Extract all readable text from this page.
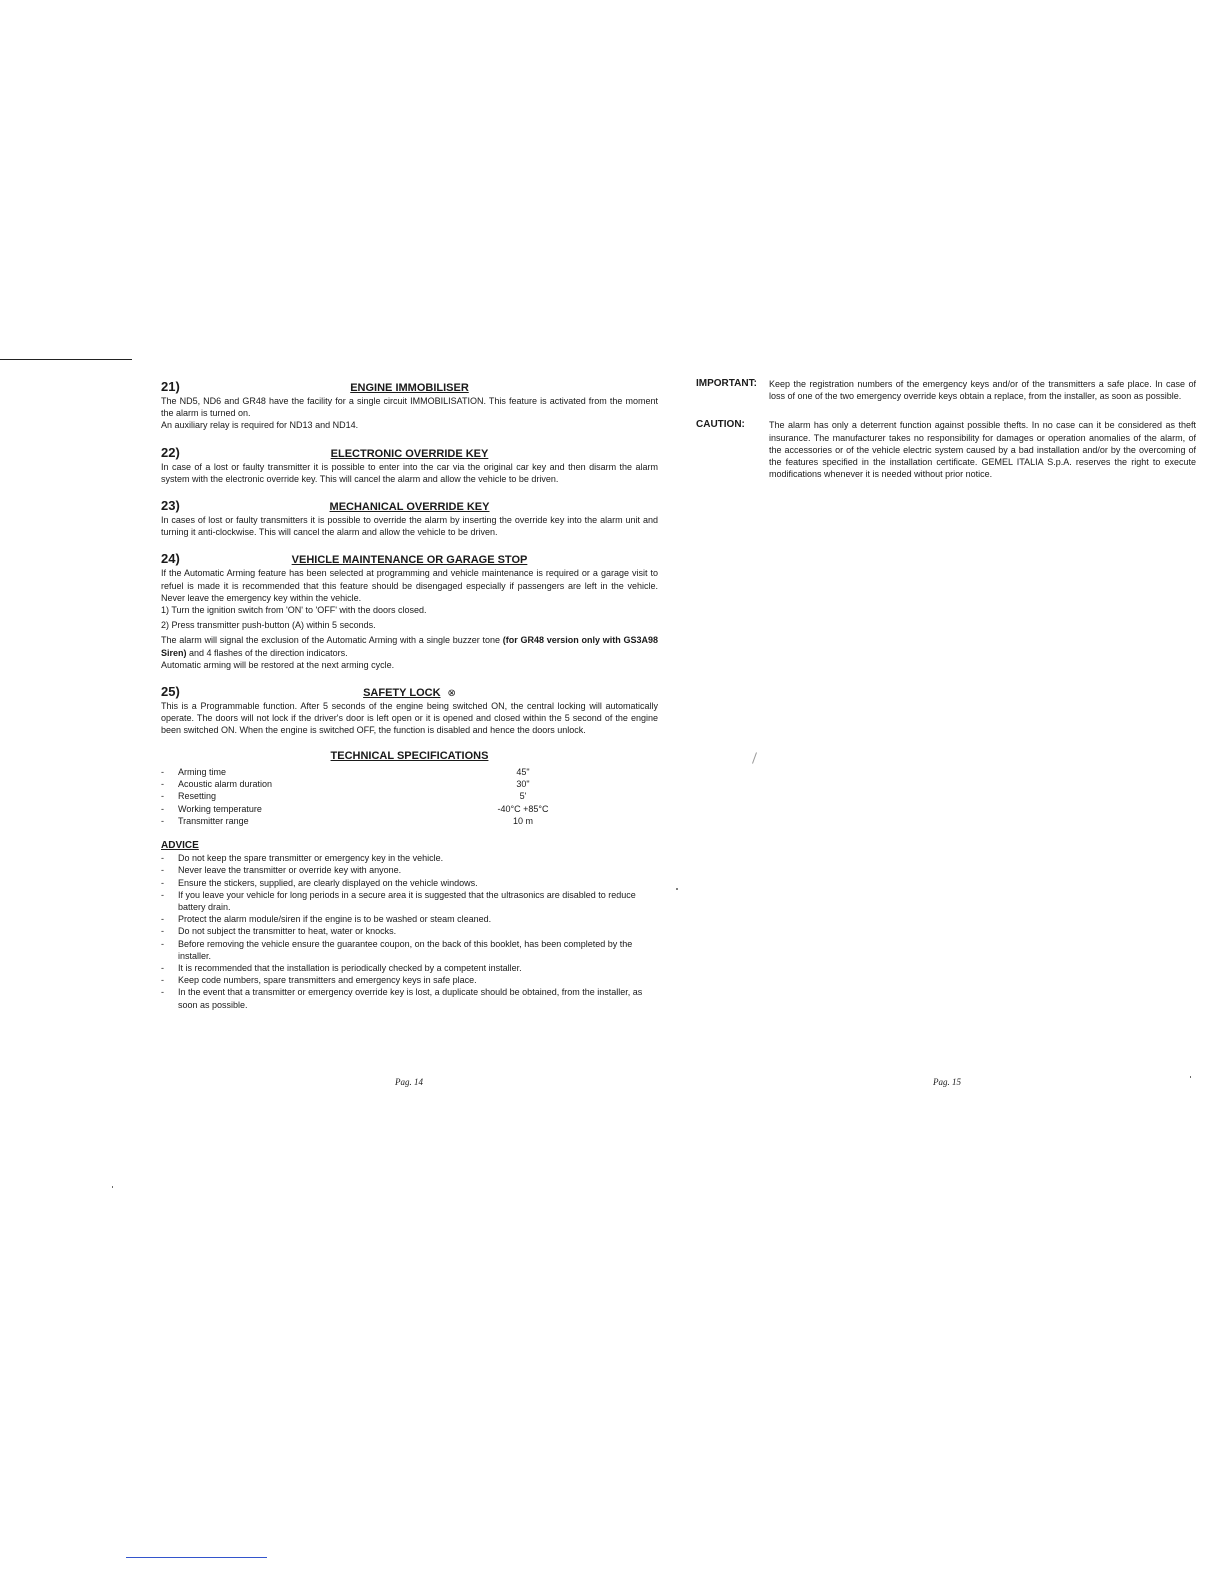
21)	ENGINE IMMOBILISER

The ND5, ND6 and GR48 have the facility for a single circuit IMMOBILISATION. This feature is activated from the moment the alarm is turned on.

An auxiliary relay is required for ND13 and ND14.

22)	ELECTRONIC OVERRIDE KEY

In case of a lost or faulty transmitter it is possible to enter into the car via the original car key and then disarm the alarm system with the electronic override key. This will cancel the alarm and allow the vehicle to be driven.

23)	MECHANICAL OVERRIDE KEY

In cases of lost or faulty transmitters it is possible to override the alarm by inserting the override key into the alarm unit and turning it anti-clockwise. This will cancel the alarm and allow the vehicle to be driven.

24)	VEHICLE MAINTENANCE OR GARAGE STOP

If the Automatic Arming feature has been selected at programming and vehicle maintenance is required or a garage visit to refuel is made it is recommended that this feature should be disengaged especially if passengers are left in the vehicle. Never leave the emergency key within the vehicle.

1) Turn the ignition switch from 'ON' to 'OFF' with the doors closed.

2) Press transmitter push-button (A) within 5 seconds.

The alarm will signal the exclusion of the Automatic Arming with a single buzzer tone (for GR48 version only with GS3A98 Siren) and 4 flashes of the direction indicators.

Automatic arming will be restored at the next arming cycle.

25)	SAFETY LOCK ⊗

This is a Programmable function. After 5 seconds of the engine being switched ON, the central locking will automatically operate. The doors will not lock if the driver's door is left open or it is opened and closed within the 5 second of the engine been switched ON. When the engine is switched OFF, the function is disabled and hence the doors unlock.

TECHNICAL SPECIFICATIONS
- Arming time	45"
- Acoustic alarm duration	30"
- Resetting	5'
- Working temperature	-40°C +85°C
- Transmitter range	10 m
ADVICE
- Do not keep the spare transmitter or emergency key in the vehicle.
- Never leave the transmitter or override key with anyone.
- Ensure the stickers, supplied, are clearly displayed on the vehicle windows.
- If you leave your vehicle for long periods in a secure area it is suggested that the ultrasonics are disabled to reduce battery drain.
- Protect the alarm module/siren if the engine is to be washed or steam cleaned.
- Do not subject the transmitter to heat, water or knocks.
- Before removing the vehicle ensure the guarantee coupon, on the back of this booklet, has been completed by the installer.
- It is recommended that the installation is periodically checked by a competent installer.
- Keep code numbers, spare transmitters and emergency keys in safe place.
- In the event that a transmitter or emergency override key is lost, a duplicate should be obtained, from the installer, as soon as possible.
Pag. 14
IMPORTANT: Keep the registration numbers of the emergency keys and/or of the transmitters a safe place. In case of loss of one of the two emergency override keys obtain a replace, from the installer, as soon as possible.

CAUTION:	The alarm has only a deterrent function against possible thefts. In no case can it be considered as theft insurance. The manufacturer takes no responsibility for damages or operation anomalies of the alarm, of the accessories or of the vehicle electric system caused by a bad installation and/or by the overcoming of the features specified in the installation certificate. GEMEL ITALIA S.p.A. reserves the right to execute modifications whenever it is needed without prior notice.

Pag. 15
